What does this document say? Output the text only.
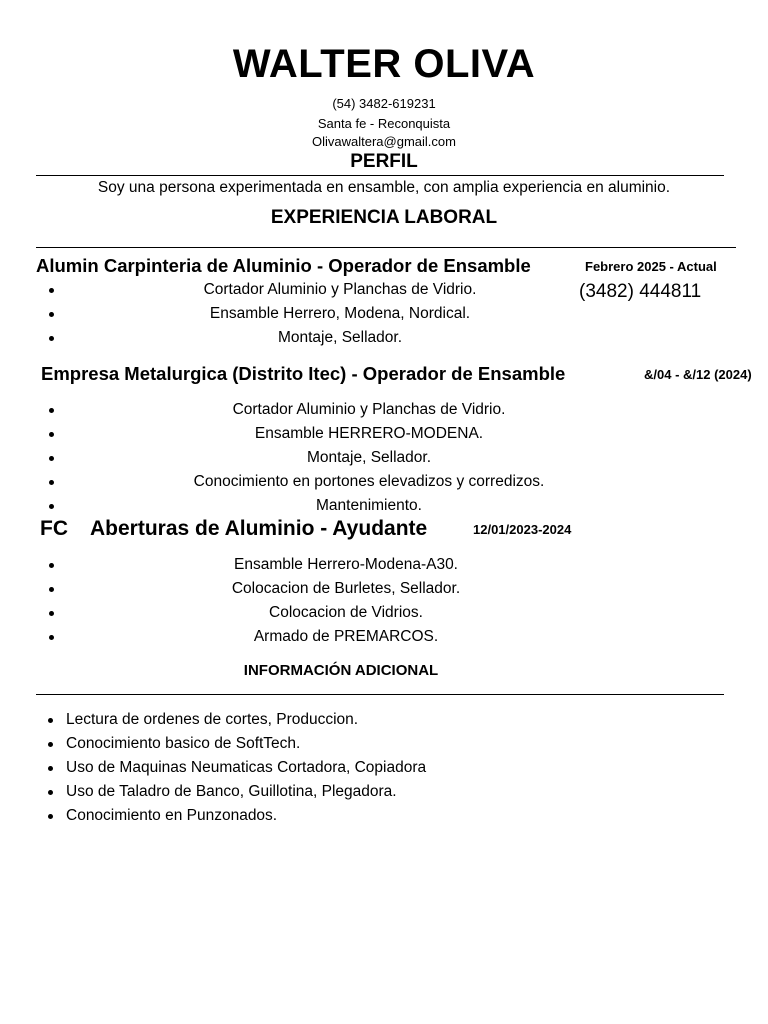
WALTER OLIVA
(54) 3482-619231
Santa fe - Reconquista
Olivawaltera@gmail.com
PERFIL
Soy una persona experimentada en ensamble, con amplia experiencia en aluminio.
EXPERIENCIA LABORAL
Alumin Carpinteria de Aluminio - Operador de Ensamble	Febrero 2025 - Actual
(3482) 444811
Cortador Aluminio y Planchas de Vidrio.
Ensamble Herrero, Modena, Nordical.
Montaje, Sellador.
Empresa Metalurgica (Distrito Itec) - Operador de Ensamble	&/04 - &/12 (2024)
Cortador Aluminio y Planchas de Vidrio.
Ensamble HERRERO-MODENA.
Montaje, Sellador.
Conocimiento en portones elevadizos y corredizos.
Mantenimiento.
FC Aberturas de Aluminio - Ayudante	12/01/2023-2024
Ensamble Herrero-Modena-A30.
Colocacion de Burletes, Sellador.
Colocacion de Vidrios.
Armado de PREMARCOS.
INFORMACIÓN ADICIONAL
Lectura de ordenes de cortes, Produccion.
Conocimiento basico de SoftTech.
Uso de Maquinas Neumaticas Cortadora, Copiadora
Uso de Taladro de Banco, Guillotina, Plegadora.
Conocimiento en Punzonados.
